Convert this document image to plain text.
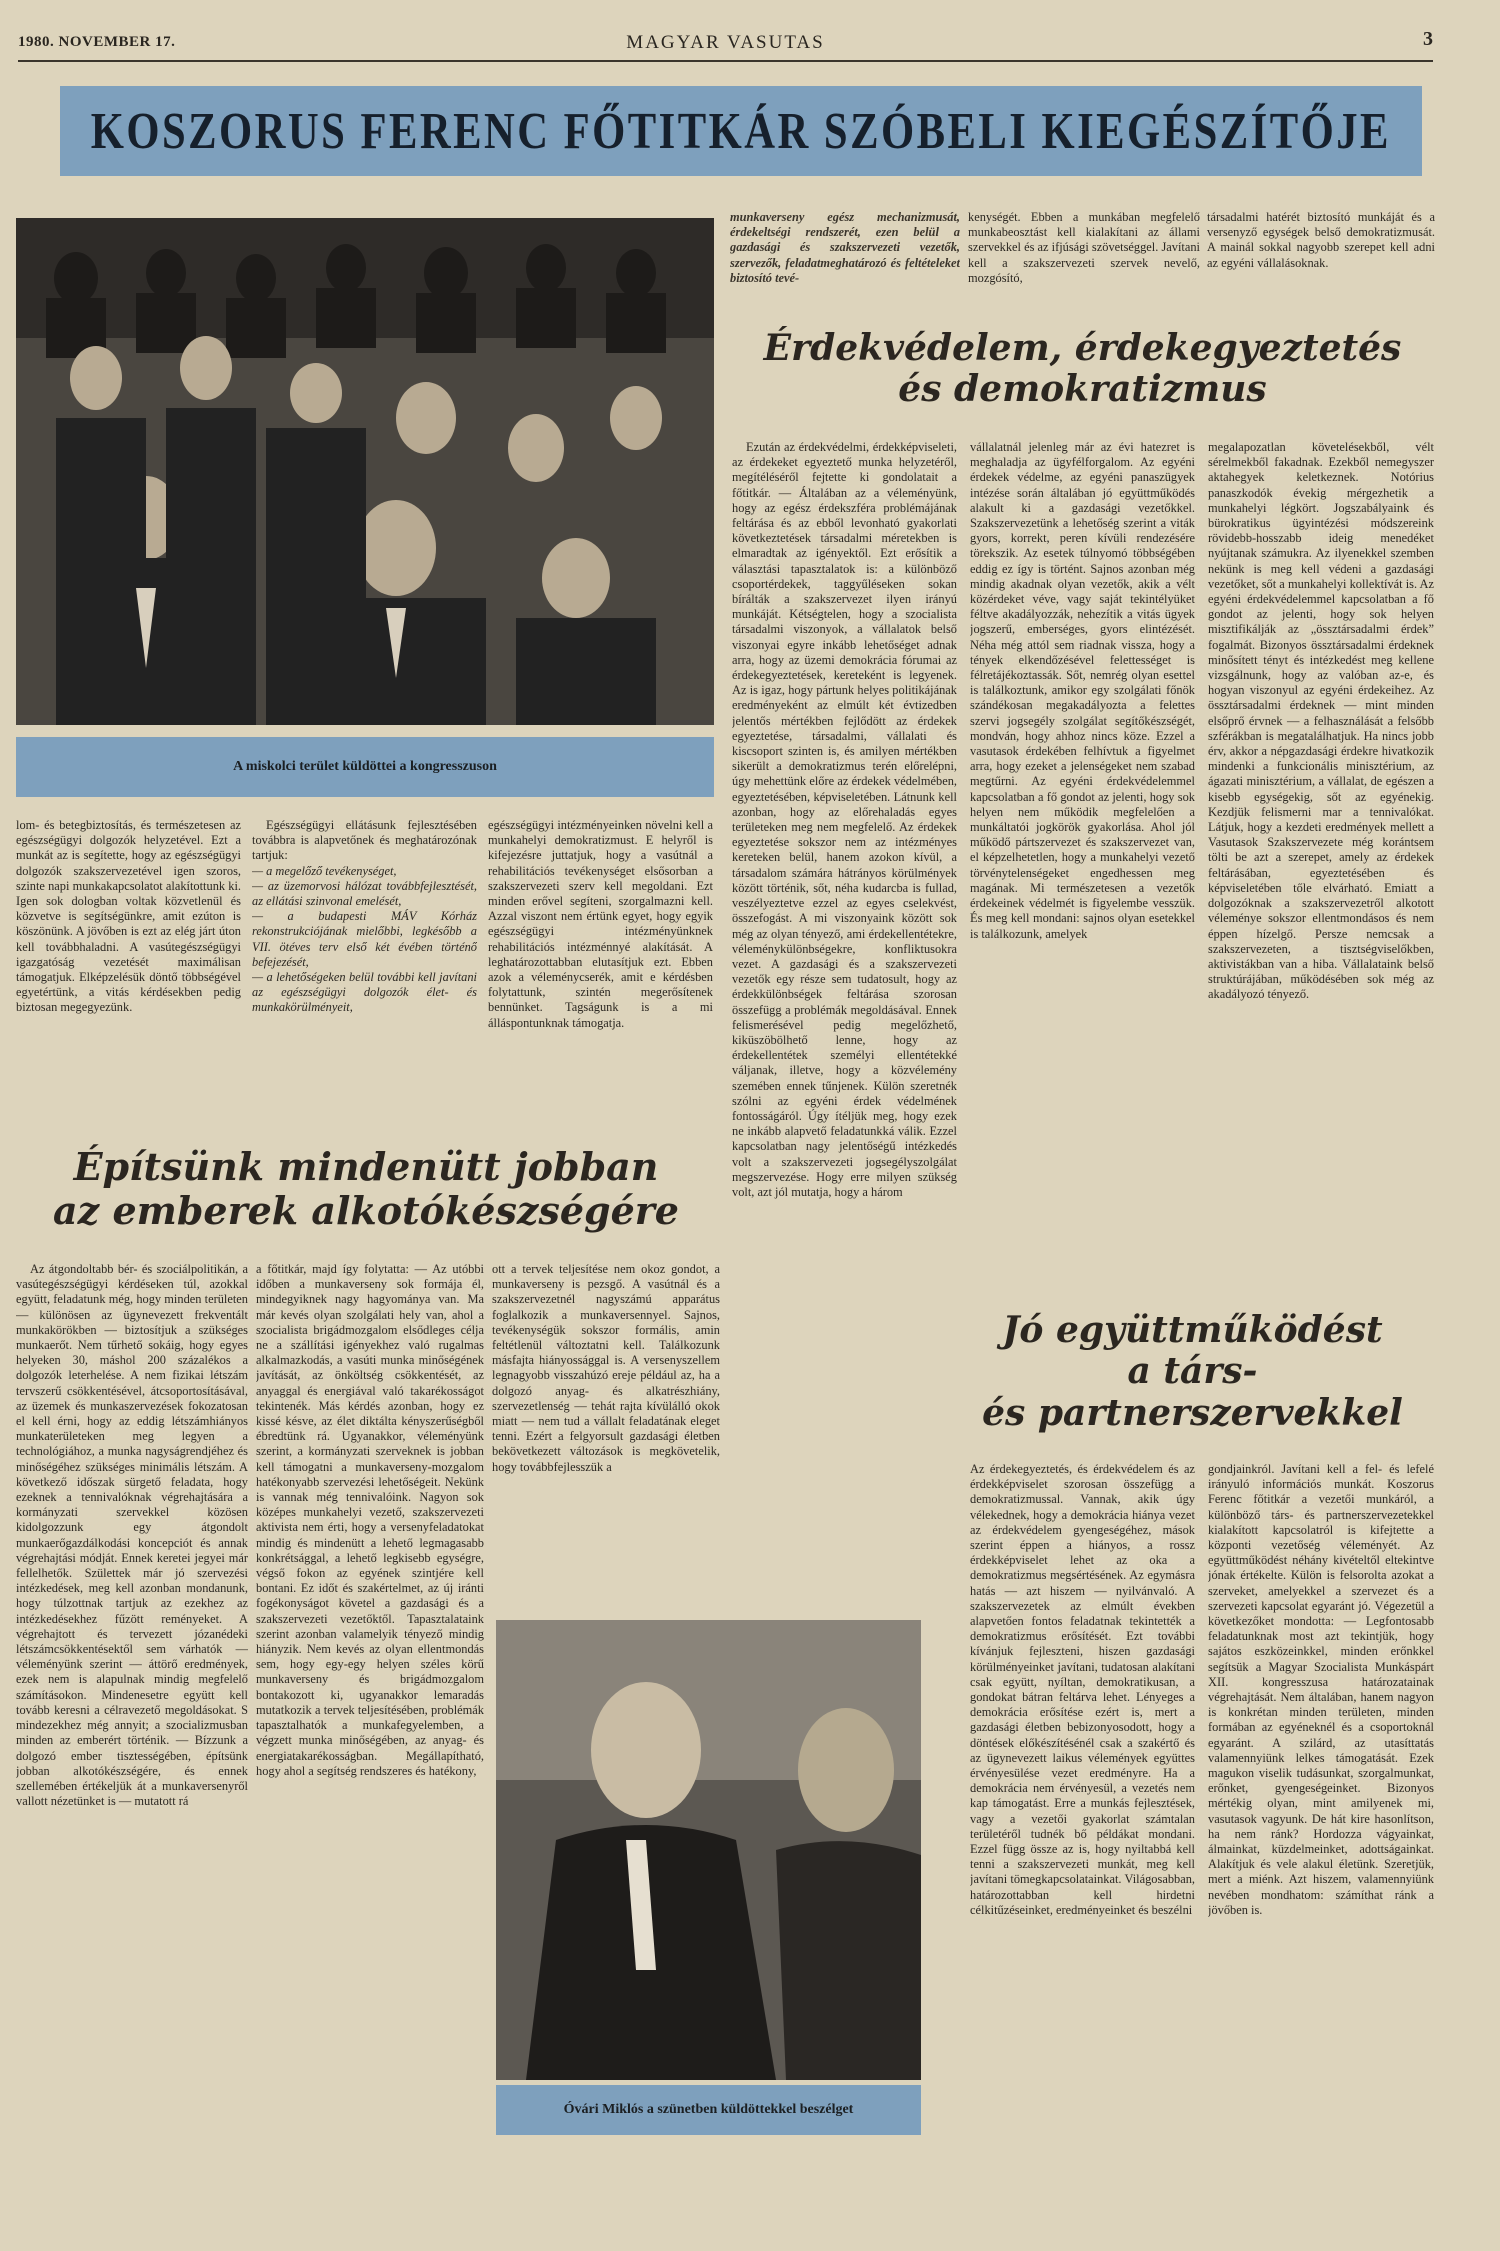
1980. NOVEMBER 17.	MAGYAR VASUTAS	3
KOSZORUS FERENC FŐTITKÁR SZÓBELI KIEGÉSZÍTŐJE
A miskolci terület küldöttei a kongresszuson

munkaverseny egész mechanizmusát, érdekeltségi rendszerét, ezen belül a gazdasági és szakszervezeti vezetők, szervezők, feladatmeghatározó és feltételeket biztosító tevé-

kenységét. Ebben a munkában megfelelő munkabeosztást kell kialakítani az állami szervekkel és az ifjúsági szövetséggel. Javítani kell a szakszervezeti szervek nevelő, mozgósító,

társadalmi hatérét biztosító munkáját és a versenyző egységek belső demokratizmusát. A mainál sokkal nagyobb szerepet kell adni az egyéni vállalásoknak.

Érdekvédelem, érdekegyeztetés
és demokratizmus

Ezután az érdekvédelmi, érdekképviseleti, az érdekeket egyeztető munka helyzetéről, megítéléséről fejtette ki gondolatait a főtitkár. — Általában az a véleményünk, hogy az egész érdekszféra problémájának feltárása és az ebből levonható gyakorlati következtetések társadalmi méretekben is elmaradtak az igényektől. Ezt erősítik a választási tapasztalatok is: a különböző csoportérdekek, taggyűléseken sokan bírálták a szakszervezet ilyen irányú munkáját. Kétségtelen, hogy a szocialista társadalmi viszonyok, a vállalatok belső viszonyai egyre inkább lehetőséget adnak arra, hogy az üzemi demokrácia fórumai az érdekegyeztetések, kereteként is legyenek. Az is igaz, hogy pártunk helyes politikájának eredményeként az elmúlt két évtizedben jelentős mértékben fejlődött az érdekek egyeztetése, társadalmi, vállalati és kiscsoport szinten is, és amilyen mértékben sikerült a demokratizmus terén előrelépni, úgy mehettünk előre az érdekek védelmében, egyeztetésében, képviseletében. Látnunk kell azonban, hogy az előrehaladás egyes területeken meg nem megfelelő. Az érdekek egyeztetése sokszor nem az intézményes kereteken belül, hanem azokon kívül, a társadalom számára hátrányos körülmények között történik, sőt, néha kudarcba is fullad, veszélyeztetve ezzel az egyes cselekvést, összefogást. A mi viszonyaink között sok még az olyan tényező, ami érdekellentétekre, véleménykülönbségekre, konfliktusokra vezet. A gazdasági és a szakszervezeti vezetők egy része sem tudatosult, hogy az érdekkülönbségek feltárása szorosan összefügg a problémák megoldásával. Ennek felismerésével pedig megelőzhető, kiküszöbölhető lenne, hogy az érdekellentétek személyi ellentétekké váljanak, illetve, hogy a közvélemény szemében ennek tűnjenek. Külön szeretnék szólni az egyéni érdek védelmének fontosságáról. Úgy ítéljük meg, hogy ezek ne inkább alapvető feladatunkká válik. Ezzel kapcsolatban nagy jelentőségű intézkedés volt a szakszervezeti jogsegélyszolgálat megszervezése. Hogy erre milyen szükség volt, azt jól mutatja, hogy a három

vállalatnál jelenleg már az évi hatezret is meghaladja az ügyfélforgalom. Az egyéni érdekek védelme, az egyéni panaszügyek intézése során általában jó együttműködés alakult ki a gazdasági vezetőkkel. Szakszervezetünk a lehetőség szerint a viták gyors, korrekt, peren kívüli rendezésére törekszik. Az esetek túlnyomó többségében eddig ez így is történt. Sajnos azonban még mindig akadnak olyan vezetők, akik a vélt közérdeket véve, vagy saját tekintélyüket féltve akadályozzák, nehezítik a vitás ügyek jogszerű, emberséges, gyors elintézését. Néha még attól sem riadnak vissza, hogy a tények elkendőzésével felettességet is félretájékoztassák. Sőt, nemrég olyan esettel is találkoztunk, amikor egy szolgálati főnök szándékosan megakadályozta a felettes szervi jogsegély szolgálat segítőkészségét, mondván, hogy ahhoz nincs köze. Ezzel a vasutasok érdekében felhívtuk a figyelmet arra, hogy ezeket a jelenségeket nem szabad megtűrni. Az egyéni érdekvédelemmel kapcsolatban a fő gondot az jelenti, hogy sok helyen nem működik megfelelően a munkáltatói jogkörök gyakorlása. Ahol jól működő pártszervezet és szakszervezet van, el képzelhetetlen, hogy a munkahelyi vezető törvénytelenségeket engedhessen meg magának. Mi természetesen a vezetők érdekeinek védelmét is figyelembe vesszük. És meg kell mondani: sajnos olyan esetekkel is találkozunk, amelyek

megalapozatlan követelésekből, vélt sérelmekből fakadnak. Ezekből nemegyszer aktahegyek keletkeznek. Notórius panaszkodók évekig mérgezhetik a munkahelyi légkört. Jogszabályaink és bürokratikus ügyintézési módszereink rövidebb-hosszabb ideig menedéket nyújtanak számukra. Az ilyenekkel szemben nekünk is meg kell védeni a gazdasági vezetőket, sőt a munkahelyi kollektívát is. Az egyéni érdekvédelemmel kapcsolatban a fő gondot az jelenti, hogy sok helyen misztifikálják az „össztársadalmi érdek” fogalmát. Bizonyos össztársadalmi érdeknek minősített tényt és intézkedést meg kellene vizsgálnunk, hogy az valóban az-e, és hogyan viszonyul az egyéni érdekeihez. Az össztársadalmi érdeknek — mint minden elsőprő érvnek — a felhasználását a felsőbb szférákban is megatalálhatjuk. Ha nincs jobb érv, akkor a népgazdasági érdekre hivatkozik mindenki a funkcionális minisztérium, az ágazati minisztérium, a vállalat, de egészen a kisebb egységekig, sőt az egyénekig. Kezdjük felismerni mar a tennivalókat. Látjuk, hogy a kezdeti eredmények mellett a Vasutasok Szakszervezete még korántsem tölti be azt a szerepet, amely az érdekek feltárásában, egyeztetésében és képviseletében tőle elvárható. Emiatt a dolgozóknak a szakszervezetről alkotott véleménye sokszor ellentmondásos és nem éppen hízelgő. Persze nemcsak a szakszervezeten, a tisztségviselőkben, aktivistákban van a hiba. Vállalataink belső struktúrájában, működésében sok még az akadályozó tényező.

lom- és betegbiztosítás, és természetesen az egészségügyi dolgozók helyzetével. Ezt a munkát az is segítette, hogy az egészségügyi dolgozók szakszervezetével igen szoros, szinte napi munkakapcsolatot alakítottunk ki. Igen sok dologban voltak közvetlenül és közvetve is segítségünkre, amit ezúton is köszönünk. A jövőben is ezt az elég járt úton kell továbbhaladni. A vasútegészségügyi igazgatóság vezetését maximálisan támogatjuk. Elképzelésük döntő többségével egyetértünk, a vitás kérdésekben pedig biztosan megegyezünk.

Egészségügyi ellátásunk fejlesztésében továbbra is alapvetőnek és meghatározónak tartjuk:

— a megelőző tevékenységet,
— az üzemorvosi hálózat továbbfejlesztését, az ellátási szinvonal emelését,
— a budapesti MÁV Kórház rekonstrukciójának mielőbbi, legkésőbb a VII. ötéves terv első két évében történő befejezését,
— a lehetőségeken belül további kell javítani az egészségügyi dolgozók élet- és munkakörülményeit,

egészségügyi intézményeinken növelni kell a munkahelyi demokratizmust. E helyről is kifejezésre juttatjuk, hogy a vasútnál a rehabilitációs tevékenységet elsősorban a szakszervezeti szerv kell megoldani. Ezt minden erővel segíteni, szorgalmazni kell. Azzal viszont nem értünk egyet, hogy egyik egészségügyi intézményünknek rehabilitációs intézménnyé alakítását. A leghatározottabban elutasítjuk ezt. Ebben azok a véleménycserék, amit e kérdésben folytattunk, szintén megerősítenek bennünket. Tagságunk is a mi álláspontunknak támogatja.

Építsünk mindenütt jobban
az emberek alkotókészségére

Az átgondoltabb bér- és szociálpolitikán, a vasútegészségügyi kérdéseken túl, azokkal együtt, feladatunk még, hogy minden területen — különösen az ügynevezett frekventált munkakörökben — biztosítjuk a szükséges munkaerőt. Nem tűrhető sokáig, hogy egyes helyeken 30, máshol 200 százalékos a dolgozók leterhelése. A nem fizikai létszám tervszerű csökkentésével, átcsoportosításával, az üzemek és munkaszervezések fokozatosan el kell érni, hogy az eddig létszámhiányos munkaterületeken meg legyen a technológiához, a munka nagyságrendjéhez és minőségéhez szükséges minimális létszám. A következő időszak sürgető feladata, hogy ezeknek a tennivalóknak végrehajtására a kormányzati szervekkel közösen kidolgozzunk egy átgondolt munkaerőgazdálkodási koncepciót és annak végrehajtási módját. Ennek keretei jegyei már fellelhetők. Születtek már jó szervezési intézkedések, meg kell azonban mondanunk, hogy túlzottnak tartjuk az ezekhez az intézkedésekhez fűzött reményeket. A végrehajtott és tervezett józanédeki létszámcsökkentésektől sem várhatók — véleményünk szerint — áttörő eredmények, ezek nem is alapulnak mindig megfelelő számításokon. Mindenesetre együtt kell tovább keresni a célravezető megoldásokat. S mindezekhez még annyit; a szocializmusban minden az emberért történik. — Bízzunk a dolgozó ember tisztességében, építsünk jobban alkotókészségére, és ennek szellemében értékeljük át a munkaversenyről vallott nézetünket is — mutatott rá

a főtitkár, majd így folytatta: — Az utóbbi időben a munkaverseny sok formája él, mindegyiknek nagy hagyománya van. Ma már kevés olyan szolgálati hely van, ahol a szocialista brigádmozgalom elsődleges célja ne a szállítási igényekhez való rugalmas alkalmazkodás, a vasúti munka minőségének javítását, az önköltség csökkentését, az anyaggal és energiával való takarékosságot tekintenék. Más kérdés azonban, hogy ez kissé késve, az élet diktálta kényszerűségből ébredtünk rá. Ugyanakkor, véleményünk szerint, a kormányzati szerveknek is jobban kell támogatni a munkaverseny-mozgalom hatékonyabb szervezési lehetőségeit. Nekünk is vannak még tennivalóink. Nagyon sok középes munkahelyi vezető, szakszervezeti aktivista nem érti, hogy a versenyfeladatokat mindig és mindenütt a lehető legmagasabb konkrétsággal, a lehető legkisebb egységre, végső fokon az egyének szintjére kell bontani. Ez időt és szakértelmet, az új iránti fogékonyságot követel a gazdasági és a szakszervezeti vezetőktől. Tapasztalataink szerint azonban valamelyik tényező mindig hiányzik. Nem kevés az olyan ellentmondás sem, hogy egy-egy helyen széles körű munkaverseny és brigádmozgalom bontakozott ki, ugyanakkor lemaradás mutatkozik a tervek teljesítésében, problémák tapasztalhatók a munkafegyelemben, a végzett munka minőségében, az anyag- és energiatakarékosságban. Megállapítható, hogy ahol a segítség rendszeres és hatékony,

ott a tervek teljesítése nem okoz gondot, a munkaverseny is pezsgő. A vasútnál és a szakszervezetnél nagyszámú apparátus foglalkozik a munkaversennyel. Sajnos, tevékenységük sokszor formális, amin feltétlenül változtatni kell. Találkozunk másfajta hiányossággal is. A versenyszellem legnagyobb visszahúzó ereje például az, ha a dolgozó anyag- és alkatrészhiány, szervezetlenség — tehát rajta kívülálló okok miatt — nem tud a vállalt feladatának eleget tenni. Ezért a felgyorsult gazdasági életben bekövetkezett változások is megkövetelik, hogy továbbfejlesszük a

Óvári Miklós a szünetben küldöttekkel beszélget
Jó együttműködést
a társ-
és partnerszervekkel

Az érdekegyeztetés, és érdekvédelem és az érdekképviselet szorosan összefügg a demokratizmussal. Vannak, akik úgy vélekednek, hogy a demokrácia hiánya vezet az érdekvédelem gyengeségéhez, mások szerint éppen a hiányos, a rossz érdekképviselet lehet az oka a demokratizmus megsértésének. Az egymásra hatás — azt hiszem — nyilvánvaló. A szakszervezetek az elmúlt években alapvetően fontos feladatnak tekintették a demokratizmus erősítését. Ezt további kívánjuk fejleszteni, hiszen gazdasági körülményeinket javítani, tudatosan alakítani csak együtt, nyíltan, demokratikusan, a gondokat bátran feltárva lehet. Lényeges a demokrácia erősítése ezért is, mert a gazdasági életben bebizonyosodott, hogy a döntések előkészítésénél csak a szakértő és az ügynevezett laikus vélemények együttes érvényesülése vezet eredményre. Ha a demokrácia nem érvényesül, a vezetés nem kap támogatást. Erre a munkás fejlesztések, vagy a vezetői gyakorlat számtalan területéről tudnék bő példákat mondani. Ezzel függ össze az is, hogy nyiltabbá kell tenni a szakszervezeti munkát, meg kell javítani tömegkapcsolatainkat. Világosabban, határozottabban kell hirdetni célkitűzéseinket, eredményeinket és beszélni

gondjainkról. Javítani kell a fel- és lefelé irányuló információs munkát. Koszorus Ferenc főtitkár a vezetői munkáról, a különböző társ- és partnerszervezetekkel kialakított kapcsolatról is kifejtette a központi vezetőség véleményét. Az együttműködést néhány kivételtől eltekintve jónak értékelte. Külön is felsorolta azokat a szerveket, amelyekkel a szervezet és a szervezeti kapcsolat egyaránt jó. Végezetül a következőket mondotta: — Legfontosabb feladatunknak most azt tekintjük, hogy sajátos eszközeinkkel, minden erőnkkel segítsük a Magyar Szocialista Munkáspárt XII. kongresszusa határozatainak végrehajtását. Nem általában, hanem nagyon is konkrétan minden területen, minden formában az egyéneknél és a csoportoknál egyaránt. A szilárd, az utasíttatás valamennyiünk lelkes támogatását. Ezek magukon viselik tudásunkat, szorgalmunkat, erőnket, gyengeségeinket. Bizonyos mértékig olyan, mint amilyenek mi, vasutasok vagyunk. De hát kire hasonlítson, ha nem ránk? Hordozza vágyainkat, álmainkat, küzdelmeinket, adottságainkat. Alakítjuk és vele alakul életünk. Szeretjük, mert a miénk. Azt hiszem, valamennyiünk nevében mondhatom: számíthat ránk a jövőben is.
